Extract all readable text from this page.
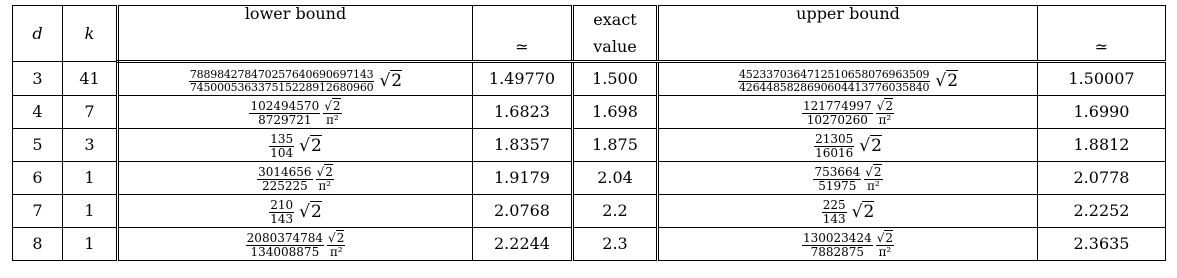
d	k	lower bound		exact	upper bound	
			≃	value		≃
3	41	$\frac{788984278470257640690697143}{745000536337515228912680960} √2$	1.49770	1.500	$\frac{4523370364712510658076963509}{4264485828690604413776035840} √2$	1.50007
4	7	$\frac{102494570}{8729721} \frac{√2}{\text{π²}}$	1.6823	1.698	$\frac{121774997}{10270260} \frac{√2}{\text{π²}}$	1.6990
5	3	$\frac{135}{104} √2$	1.8357	1.875	$\frac{21305}{16016} √2$	1.8812
6	1	$\frac{3014656}{225225} \frac{√2}{\text{π²}}$	1.9179	2.04	$\frac{753664}{51975} \frac{√2}{\text{π²}}$	2.0778
7	1	$\frac{210}{143} √2$	2.0768	2.2	$\frac{225}{143} √2$	2.2252
8	1	$\frac{2080374784}{134008875} \frac{√2}{\text{π²}}$	2.2244	2.3	$\frac{130023424}{7882875} \frac{√2}{\text{π²}}$	2.3635
